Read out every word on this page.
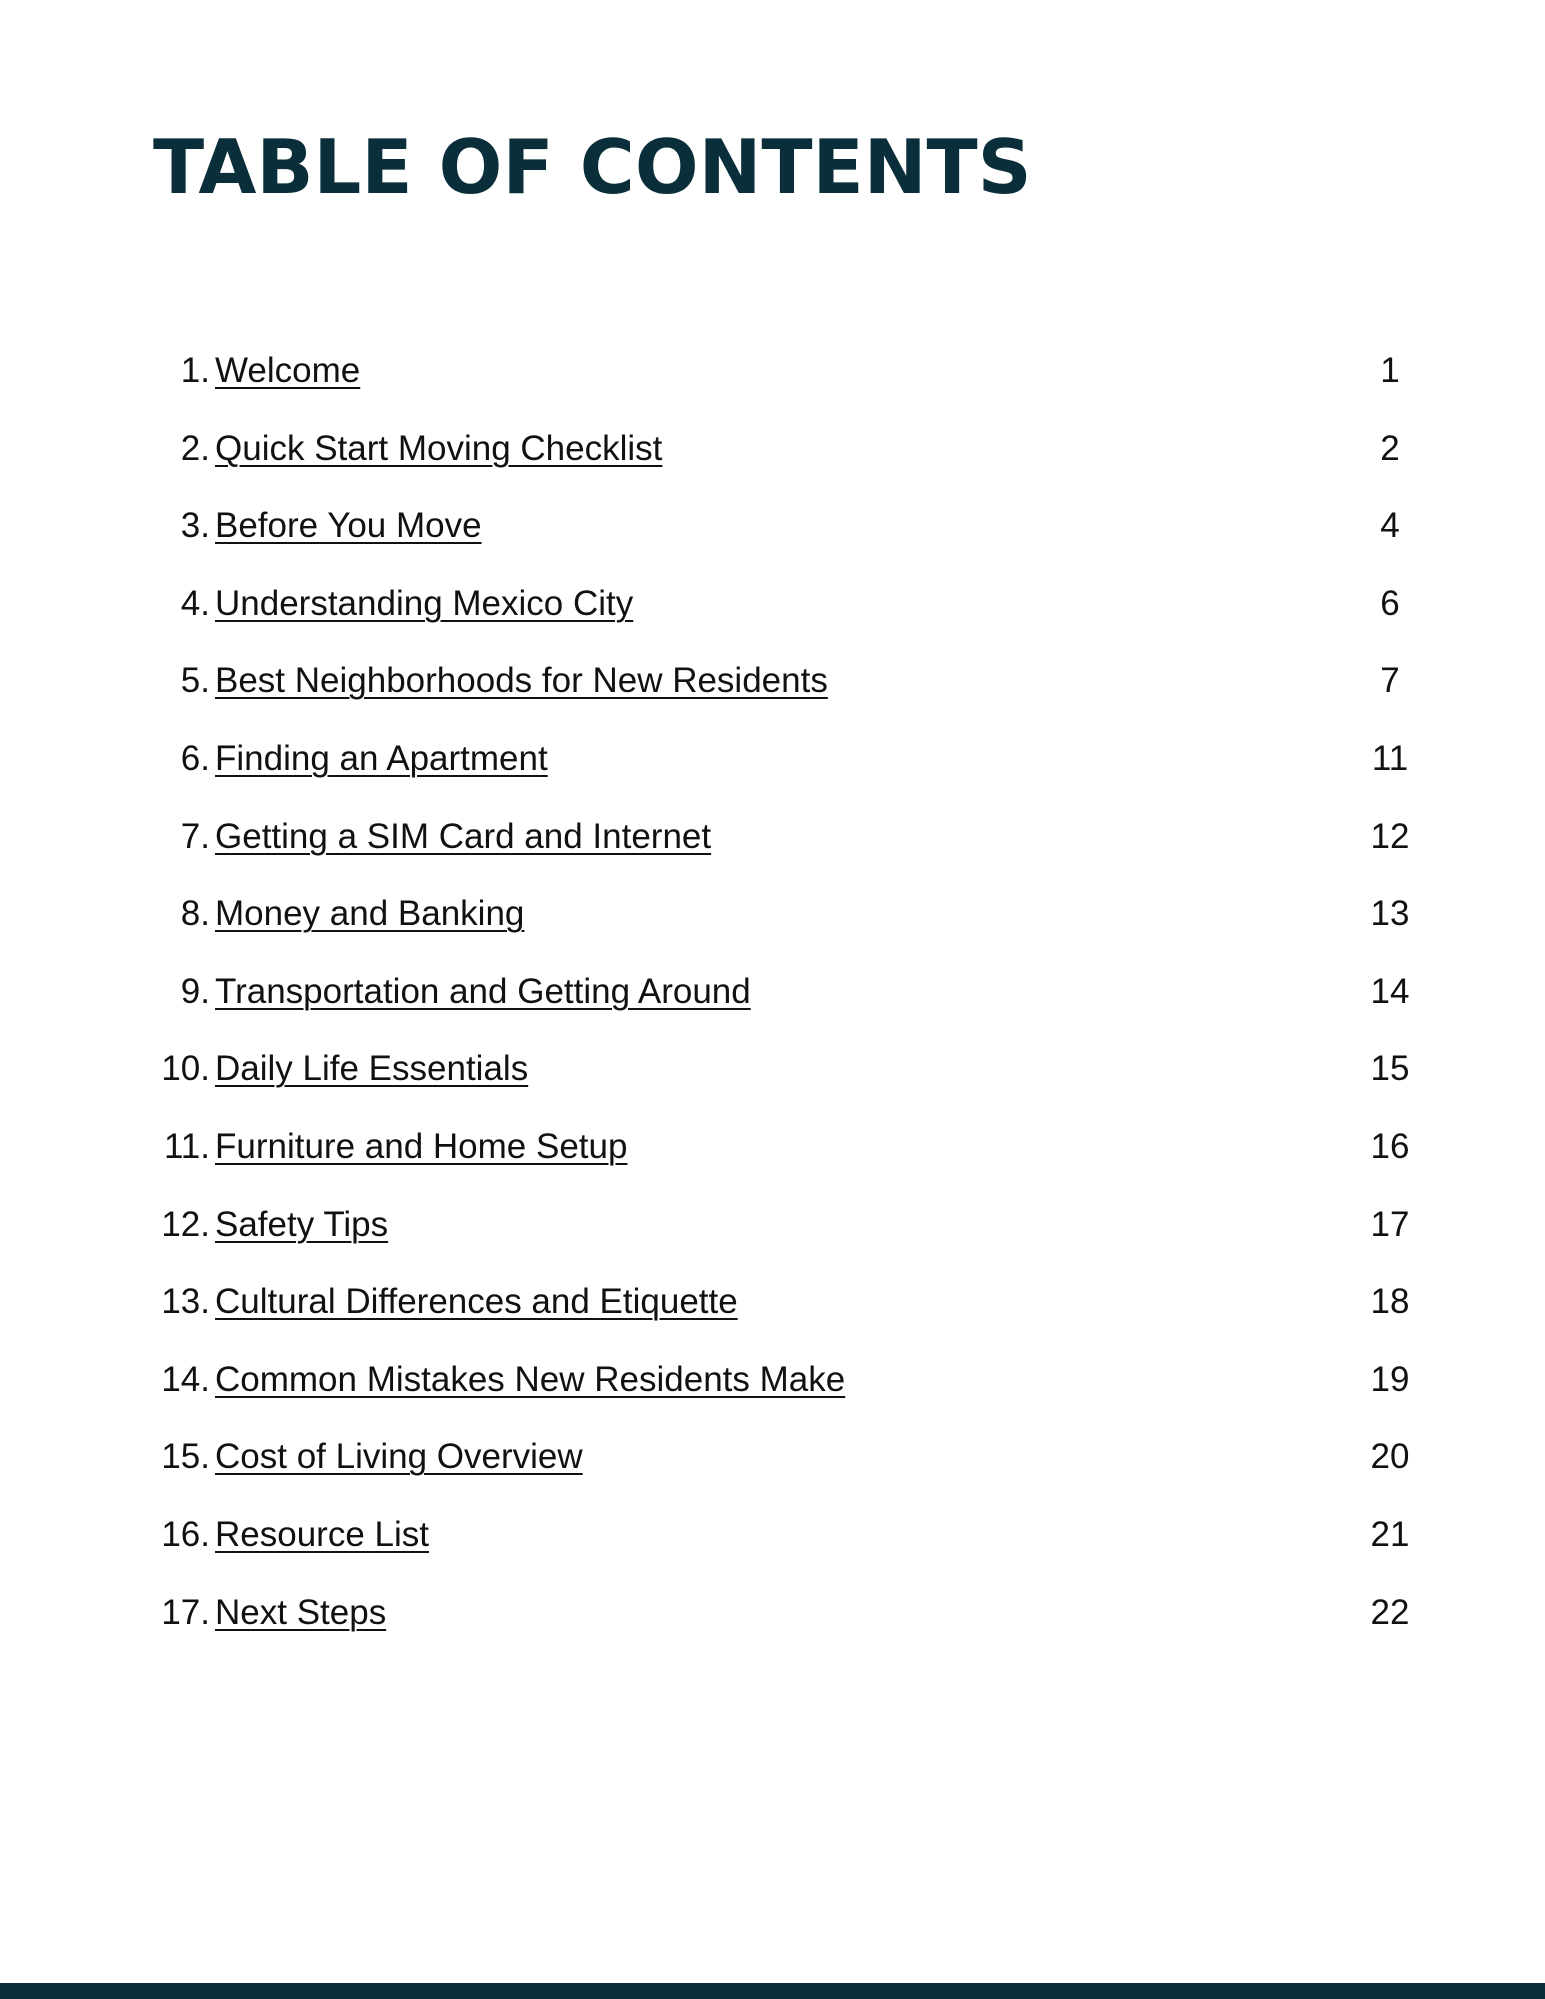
TABLE OF CONTENTS
1. Welcome	1
2. Quick Start Moving Checklist	2
3. Before You Move	4
4. Understanding Mexico City	6
5. Best Neighborhoods for New Residents	7
6. Finding an Apartment	11
7. Getting a SIM Card and Internet	12
8. Money and Banking	13
9. Transportation and Getting Around	14
10. Daily Life Essentials	15
11. Furniture and Home Setup	16
12. Safety Tips	17
13. Cultural Differences and Etiquette	18
14. Common Mistakes New Residents Make	19
15. Cost of Living Overview	20
16. Resource List	21
17. Next Steps	22
